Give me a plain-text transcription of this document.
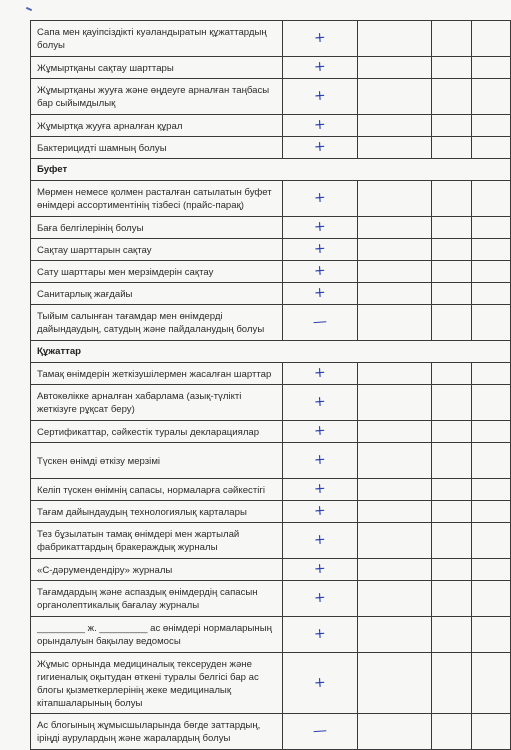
Сапа мен қауіпсіздікті куәландыратын құжаттардың болуы	+			
Жұмыртқаны сақтау шарттары	+			
Жұмыртқаны жууға және өңдеуге арналған таңбасы бар сыйымдылық	+			
Жұмыртқа жууға арналған құрал	+			
Бактерицидті шамның болуы	+			
Буфет				
Мөрмен немесе қолмен расталған сатылатын буфет өнімдері ассортиментінің тізбесі (прайс-парақ)	+			
Баға белгілерінің болуы	+			
Сақтау шарттарын сақтау	+			
Сату шарттары мен мерзімдерін сақтау	+			
Санитарлық жағдайы	+			
Тыйым салынған тағамдар мен өнімдерді дайындаудың, сатудың және пайдаланудың болуы	—			
Құжаттар				
Тамақ өнімдерін жеткізушілермен жасалған шарттар	+			
Автокөлікке арналған хабарлама (азық-түлікті жеткізуге рұқсат беру)	+			
Сертификаттар, сәйкестік туралы декларациялар	+			
Түскен өнімді өткізу мерзімі	+			
Келіп түскен өнімнің сапасы, нормаларға сәйкестігі	+			
Тағам дайындаудың технологиялық карталары	+			
Тез бұзылатын тамақ өнімдері мен жартылай фабрикаттардың бракераждық журналы	+			
«С-дәрумендендіру» журналы	+			
Тағамдардың және аспаздық өнімдердің сапасын органолептикалық бағалау журналы	+			
_________ ж. _________ ас өнімдері нормаларының орындалуын бақылау ведомосы	+			
Жұмыс орнында медициналық тексеруден және гигиеналық оқытудан өткені туралы белгісі бар ас блогы қызметкерлерінің жеке медициналық кітапшаларының болуы	+			
Ас блогының жұмысшыларында бөгде заттардың, іріңді аурулардың және жаралардың болуы	—			
